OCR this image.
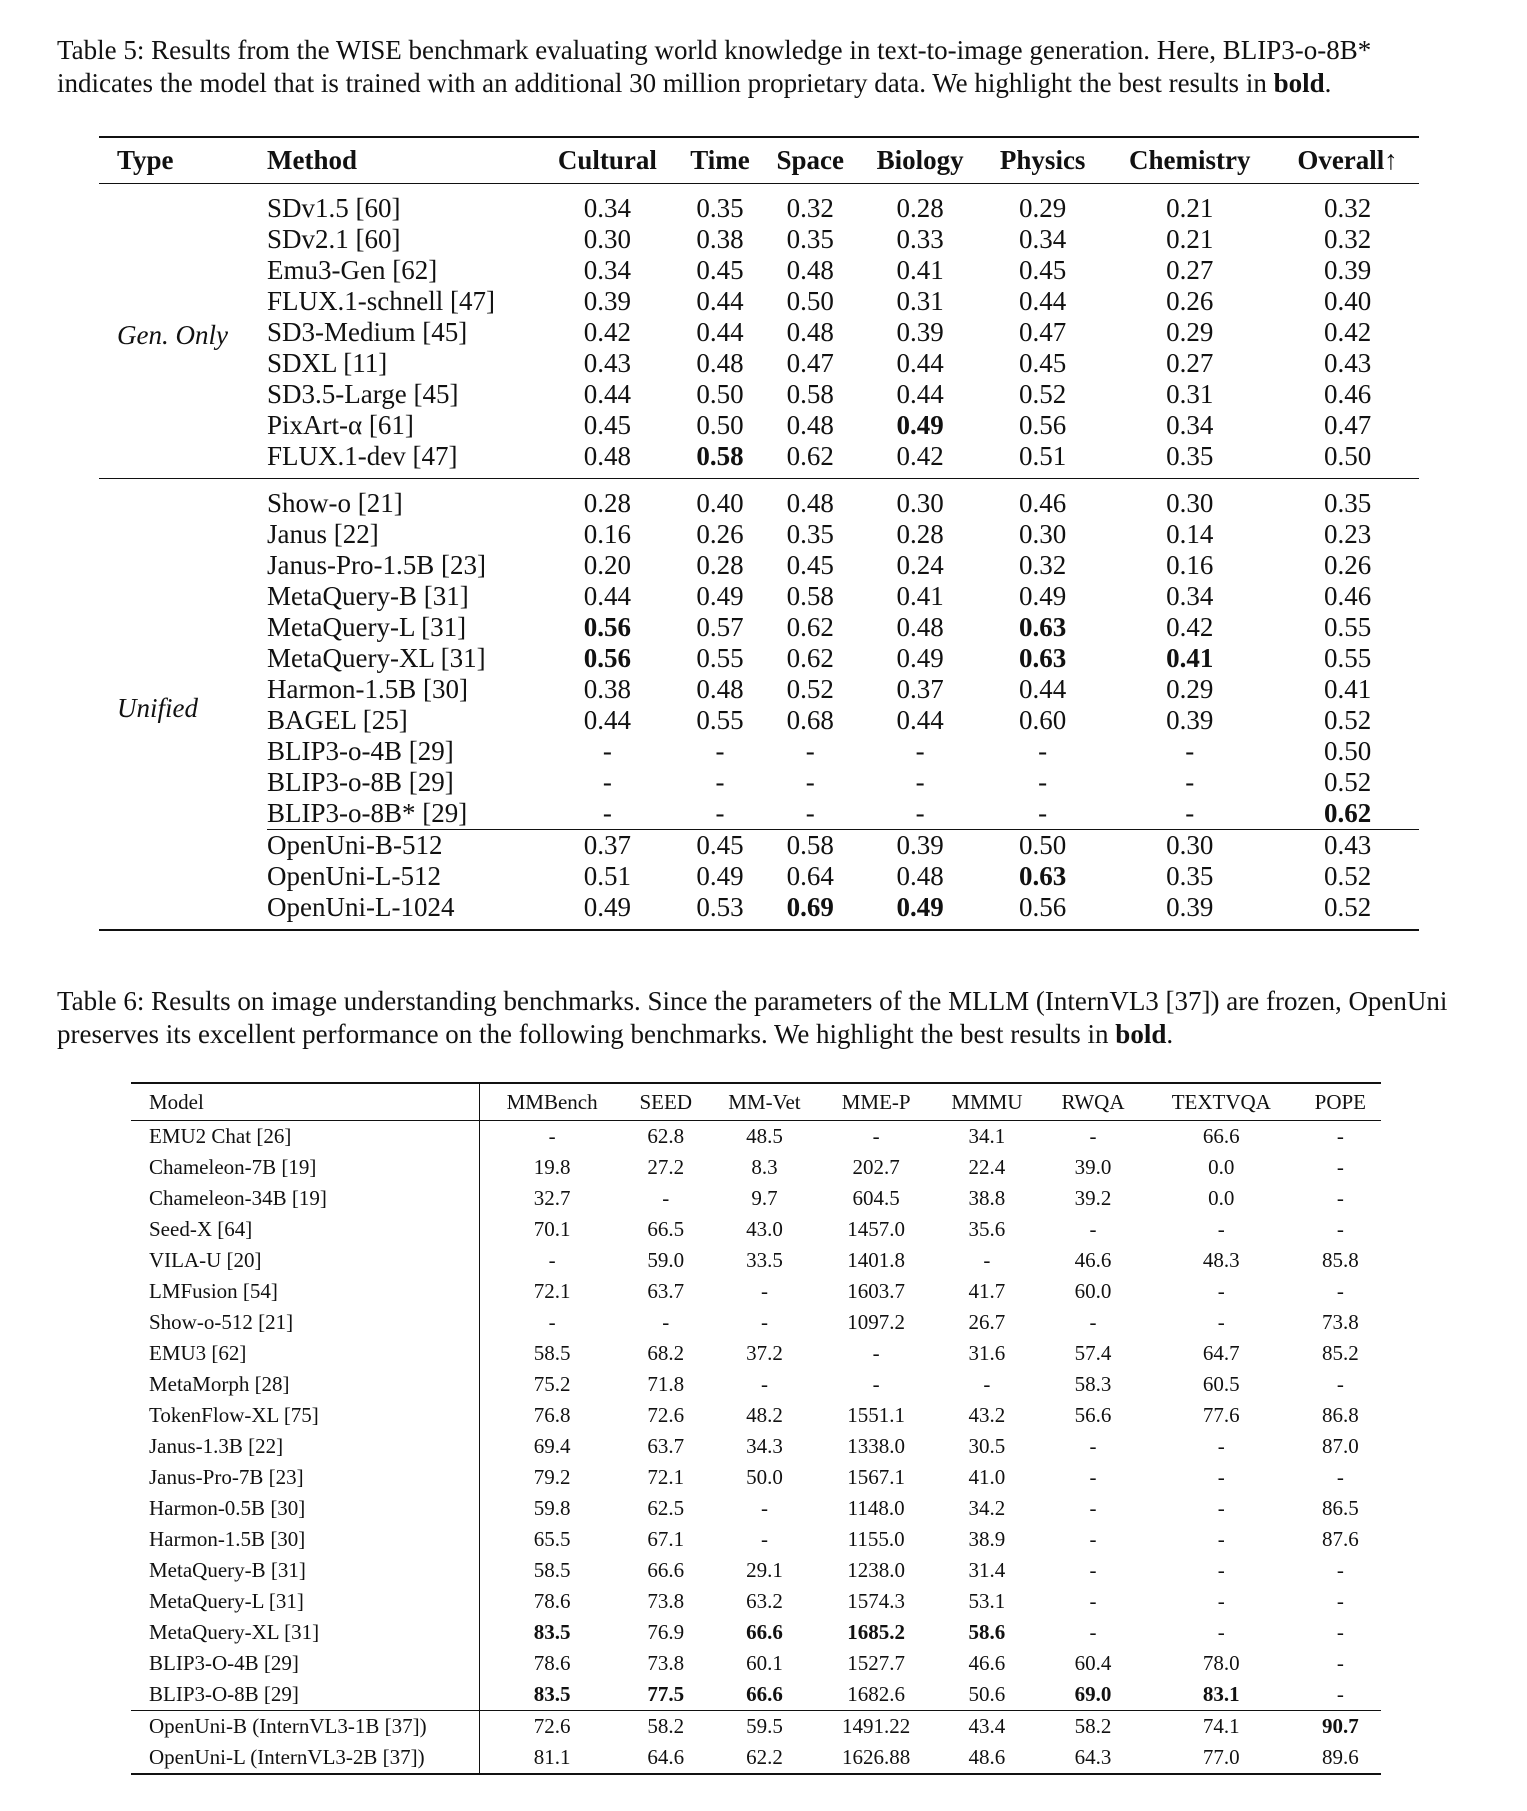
Table 5: Results from the WISE benchmark evaluating world knowledge in text-to-image generation. Here, BLIP3-o-8B* indicates the model that is trained with an additional 30 million proprietary data. We highlight the best results in bold.

Type	Method	Cultural	Time	Space	Biology	Physics	Chemistry	Overall↑
Gen. Only	SDv1.5 [60]	0.34	0.35	0.32	0.28	0.29	0.21	0.32
	SDv2.1 [60]	0.30	0.38	0.35	0.33	0.34	0.21	0.32
	Emu3-Gen [62]	0.34	0.45	0.48	0.41	0.45	0.27	0.39
	FLUX.1-schnell [47]	0.39	0.44	0.50	0.31	0.44	0.26	0.40
	SD3-Medium [45]	0.42	0.44	0.48	0.39	0.47	0.29	0.42
	SDXL [11]	0.43	0.48	0.47	0.44	0.45	0.27	0.43
	SD3.5-Large [45]	0.44	0.50	0.58	0.44	0.52	0.31	0.46
	PixArt-α [61]	0.45	0.50	0.48	0.49	0.56	0.34	0.47
	FLUX.1-dev [47]	0.48	0.58	0.62	0.42	0.51	0.35	0.50
Unified	Show-o [21]	0.28	0.40	0.48	0.30	0.46	0.30	0.35
	Janus [22]	0.16	0.26	0.35	0.28	0.30	0.14	0.23
	Janus-Pro-1.5B [23]	0.20	0.28	0.45	0.24	0.32	0.16	0.26
	MetaQuery-B [31]	0.44	0.49	0.58	0.41	0.49	0.34	0.46
	MetaQuery-L [31]	0.56	0.57	0.62	0.48	0.63	0.42	0.55
	MetaQuery-XL [31]	0.56	0.55	0.62	0.49	0.63	0.41	0.55
	Harmon-1.5B [30]	0.38	0.48	0.52	0.37	0.44	0.29	0.41
	BAGEL [25]	0.44	0.55	0.68	0.44	0.60	0.39	0.52
	BLIP3-o-4B [29]	-	-	-	-	-	-	0.50
	BLIP3-o-8B [29]	-	-	-	-	-	-	0.52
	BLIP3-o-8B* [29]	-	-	-	-	-	-	0.62
	OpenUni-B-512	0.37	0.45	0.58	0.39	0.50	0.30	0.43
	OpenUni-L-512	0.51	0.49	0.64	0.48	0.63	0.35	0.52
	OpenUni-L-1024	0.49	0.53	0.69	0.49	0.56	0.39	0.52

Table 6: Results on image understanding benchmarks. Since the parameters of the MLLM (InternVL3 [37]) are frozen, OpenUni preserves its excellent performance on the following benchmarks. We highlight the best results in bold.

Model	MMBench	SEED	MM-Vet	MME-P	MMMU	RWQA	TEXTVQA	POPE
EMU2 Chat [26]	-	62.8	48.5	-	34.1	-	66.6	-
Chameleon-7B [19]	19.8	27.2	8.3	202.7	22.4	39.0	0.0	-
Chameleon-34B [19]	32.7	-	9.7	604.5	38.8	39.2	0.0	-
Seed-X [64]	70.1	66.5	43.0	1457.0	35.6	-	-	-
VILA-U [20]	-	59.0	33.5	1401.8	-	46.6	48.3	85.8
LMFusion [54]	72.1	63.7	-	1603.7	41.7	60.0	-	-
Show-o-512 [21]	-	-	-	1097.2	26.7	-	-	73.8
EMU3 [62]	58.5	68.2	37.2	-	31.6	57.4	64.7	85.2
MetaMorph [28]	75.2	71.8	-	-	-	58.3	60.5	-
TokenFlow-XL [75]	76.8	72.6	48.2	1551.1	43.2	56.6	77.6	86.8
Janus-1.3B [22]	69.4	63.7	34.3	1338.0	30.5	-	-	87.0
Janus-Pro-7B [23]	79.2	72.1	50.0	1567.1	41.0	-	-	-
Harmon-0.5B [30]	59.8	62.5	-	1148.0	34.2	-	-	86.5
Harmon-1.5B [30]	65.5	67.1	-	1155.0	38.9	-	-	87.6
MetaQuery-B [31]	58.5	66.6	29.1	1238.0	31.4	-	-	-
MetaQuery-L [31]	78.6	73.8	63.2	1574.3	53.1	-	-	-
MetaQuery-XL [31]	83.5	76.9	66.6	1685.2	58.6	-	-	-
BLIP3-O-4B [29]	78.6	73.8	60.1	1527.7	46.6	60.4	78.0	-
BLIP3-O-8B [29]	83.5	77.5	66.6	1682.6	50.6	69.0	83.1	-
OpenUni-B (InternVL3-1B [37])	72.6	58.2	59.5	1491.22	43.4	58.2	74.1	90.7
OpenUni-L (InternVL3-2B [37])	81.1	64.6	62.2	1626.88	48.6	64.3	77.0	89.6
